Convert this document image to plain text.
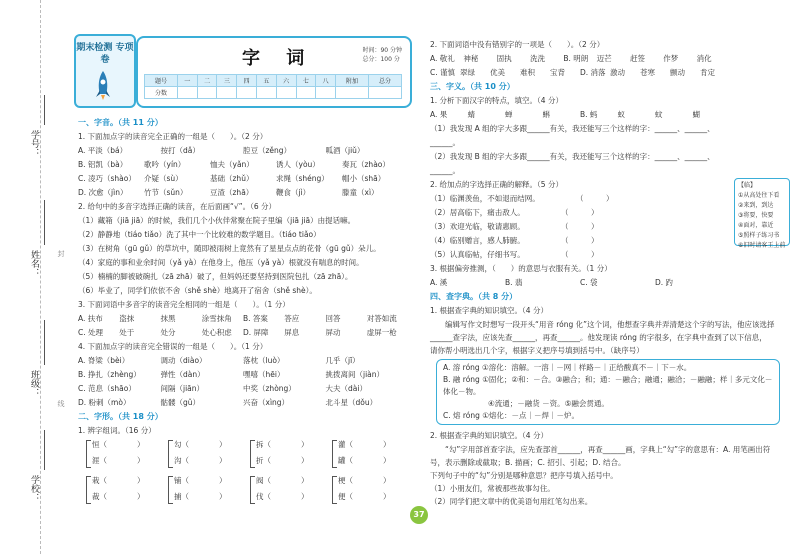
学号：
姓名：
班级：
学校：
封
线
期末检测 专项卷	字 词	时间：90 分钟
总分：100 分
题号	一	二	三	四	五	六	七	八	附加	总分
分数										
一、字音。（共 11 分）
1. 下面加点字的读音完全正确的一组是（　　）。（2 分）
A. 平淡（bá）	按打（dǎ）	腔豆（zěng）	呱酒（jiǔ）
B. 铝凯（bà）	歌吟（yín）	恤夫（yǎn）	诱人（yòu）	奏瓦（zhào）
C. 凌巧（shào）	介疑（sù）	基础（zhǔ）	求绳（shéng）	帽小（shā）
D. 次愈（jìn）	竹节（sǔn）	豆渣（zhā）	鞭食（jì）	滕童（xì）
2. 给句中的多音字选择正确的读音，在后面画“√”。（6 分）
（1）藏箱（jiā jiā）的时候，我们几个小伙伴常聚在院子里编（jiā jiā）由提话嘛。
（2）静静地（tiáo tiǎo）洗了其中一个比较难的数学题目。（tiáo tiǎo）
（3）在树角（gū gǔ）的草坑中，随即被雨树上竟然有了星星点点的花骨（gū gǔ）朵儿。
（4）家庭的事和业余时间（yǎ yà）在他身上，他压（yǎ yà）根就没有喘息的时间。
（5）楠楠的脚被破碗扎（zā zhā）破了，但妈妈还要坚持到医院包扎（zā zhā）。
（6）毕业了，同学们依依不舍（shě shè）地离开了宿舍（shě shè）。
3. 下面词语中多音字的读音完全相同的一组是（　　）。（1 分）
A. 扶布	盗抹	抹黑	涂雪抹角	B. 答案	答应	回答	对答如流
C. 处理	处于	处分	处心积虑	D. 屏障	屏息	屏动	虚屏一枪
4. 下面加点字的读音完全错误的一组是（　　）。（1 分）
A. 脊梁（bèi）	调动（diào）	落枕（luò）	几乎（jī）
B. 挣扎（zhèng）	弹性（dàn）	嘿嘻（hēi）	挑拨离间（jiàn）
C. 范息（shāo）	间隔（jiān）	中奖（zhòng）	大夫（dài）
D. 粉刺（mò）	骷髅（gǔ）	兴奋（xìng）	北斗星（dǒu）
二、字形。（共 18 分）
1. 辨字组词。（16 分）
恒（　　　　）
涯（　　　　）
勾（　　　　）
沟（　　　　）
拆（　　　　）
折（　　　　）
灌（　　　　）
罐（　　　　）
栽（　　　　）
裁（　　　　）
铺（　　　　）
捕（　　　　）
阀（　　　　）
伐（　　　　）
梗（　　　　）
便（　　　　）
2. 下面词语中没有错别字的一项是（　　）。（2 分）
A. 敬礼	神秘	固执	洗洗	B. 明朗	迈芒	赶签	作梦	消化
C. 谨慎 翠绿	优美	难积	宝背	D. 消落 激动	苍寒	颤动	肯定
三、字义。（共 10 分）
1. 分析下面汉字的特点，填空。（4 分）
A. 果	蜻	蝉	蝌	B. 蚂	蚁	蚊	蝴
（1）我发现 A 组的字大多跟______有关，我还能写三个这样的字：______、______、______。
（2）我发现 B 组的字大多跟______有关，我还能写三个这样的字：______、______、______。
2. 给加点的字选择正确的解释。（5 分）
（1）临渊羡鱼，不如退而结网。	（　　　）
（2）居高临下，痛击敌人。	（　　　）
（3）欢迎光临，敬请惠顾。	（　　　）
（4）临别赠言，感人肺腑。	（　　　）
（5）认真临帖，仔细书写。	（　　　）
3. 根据偏旁推测，（　　）的意思与衣服有关。（1 分）
A. 溪	B. 翡	C. 袋	D. 趵
四、查字典。（共 8 分）
1. 根据查字典的知识填空。（4 分）
　　编辑写作文时想写一段开头“用音 róng 化”这个词，他想查字典并弄清楚这个字的写法，他应该选择______查字法，应该先查______，再查______。他发现读 róng 的字很多，在字典中查到了以下信息，
请你帮小明选出几个字，根据字义把序号填到括号中。（缺序号）
A. 溶 róng ①溶化：溶解。一溶｜－网｜样路－｜正给酸真不－｜下－水。
B. 融 róng ①固化；②和：－合。③融合；和；通：－融合；融通；融洽；－融融；样｜多元文化－体化－物。
　　　　　　④流通；－融货 －资。⑤融会贯通。
C. 熔 róng ①熔化：－点｜－焊｜－炉。
2. 根据查字典的知识填空。（4 分）
　　“勾”字用部首查字法，应先查部首______，再查______画，字典上“勾”字的意思有：A. 用笔画出符号，表示删除或截取；B. 描画；C. 招引、引起；D. 结合。
下列句子中的“勾”分别是哪种意思？把序号填入括号中。
（1）小朋友们，常被那些故事勾住。
（2）同学们把文章中的优美语句用红笔勾出来。
【临】
①从高处往下看
②来到，到达
③将要，快要
④面对，靠近
⑤照样子练习书
⑥旧时请客王上前
37
